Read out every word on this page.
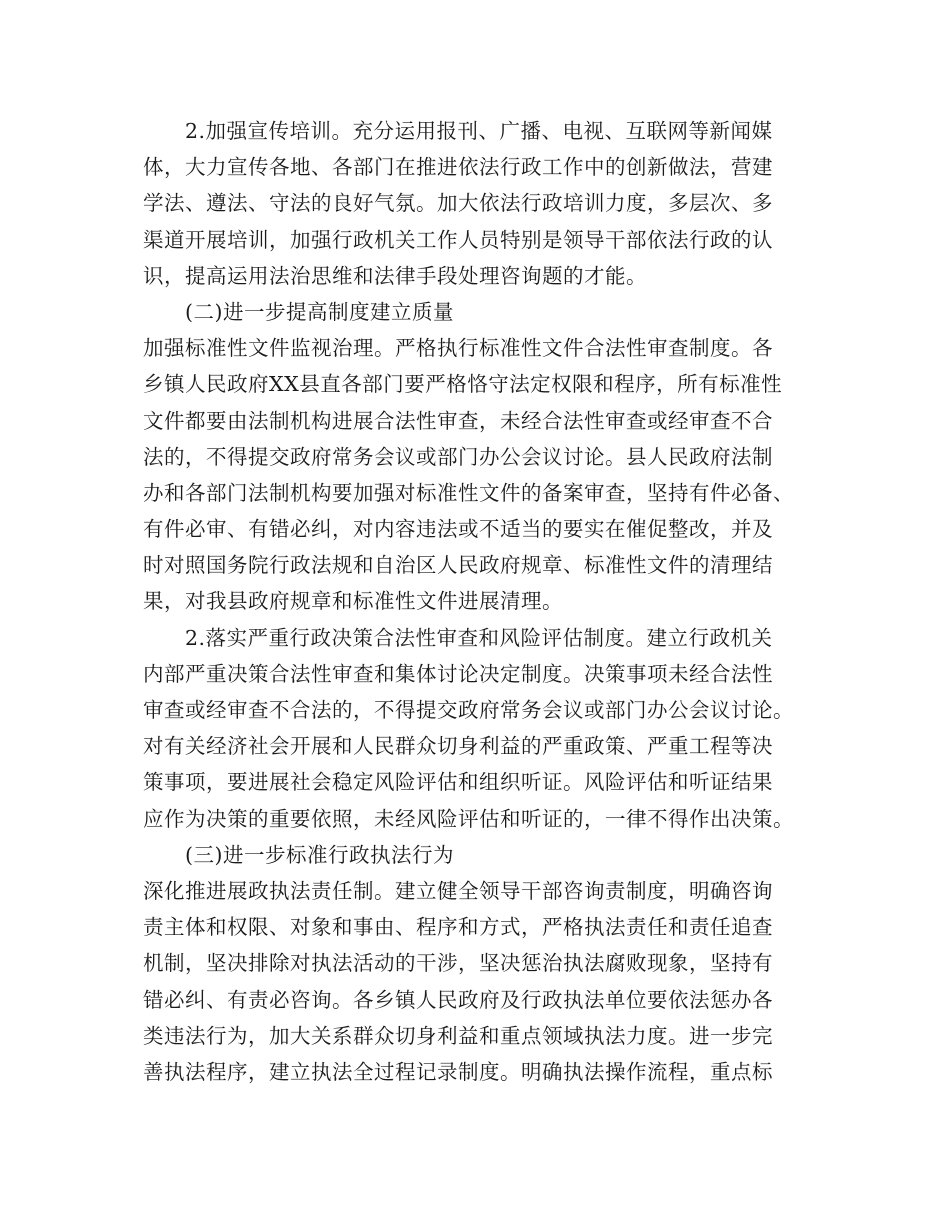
2.加强宣传培训。充分运用报刊、广播、电视、互联网等新闻媒
体，大力宣传各地、各部门在推进依法行政工作中的创新做法，营建
学法、遵法、守法的良好气氛。加大依法行政培训力度，多层次、多
渠道开展培训，加强行政机关工作人员特别是领导干部依法行政的认
识，提高运用法治思维和法律手段处理咨询题的才能。
(二)进一步提高制度建立质量
加强标准性文件监视治理。严格执行标准性文件合法性审查制度。各
乡镇人民政府XX县直各部门要严格恪守法定权限和程序，所有标准性
文件都要由法制机构进展合法性审查，未经合法性审查或经审查不合
法的，不得提交政府常务会议或部门办公会议讨论。县人民政府法制
办和各部门法制机构要加强对标准性文件的备案审查，坚持有件必备、
有件必审、有错必纠，对内容违法或不适当的要实在催促整改，并及
时对照国务院行政法规和自治区人民政府规章、标准性文件的清理结
果，对我县政府规章和标准性文件进展清理。
2.落实严重行政决策合法性审查和风险评估制度。建立行政机关
内部严重决策合法性审查和集体讨论决定制度。决策事项未经合法性
审查或经审查不合法的，不得提交政府常务会议或部门办公会议讨论。
对有关经济社会开展和人民群众切身利益的严重政策、严重工程等决
策事项，要进展社会稳定风险评估和组织听证。风险评估和听证结果
应作为决策的重要依照，未经风险评估和听证的，一律不得作出决策。
(三)进一步标准行政执法行为
深化推进展政执法责任制。建立健全领导干部咨询责制度，明确咨询
责主体和权限、对象和事由、程序和方式，严格执法责任和责任追查
机制，坚决排除对执法活动的干涉，坚决惩治执法腐败现象，坚持有
错必纠、有责必咨询。各乡镇人民政府及行政执法单位要依法惩办各
类违法行为，加大关系群众切身利益和重点领域执法力度。进一步完
善执法程序，建立执法全过程记录制度。明确执法操作流程，重点标
